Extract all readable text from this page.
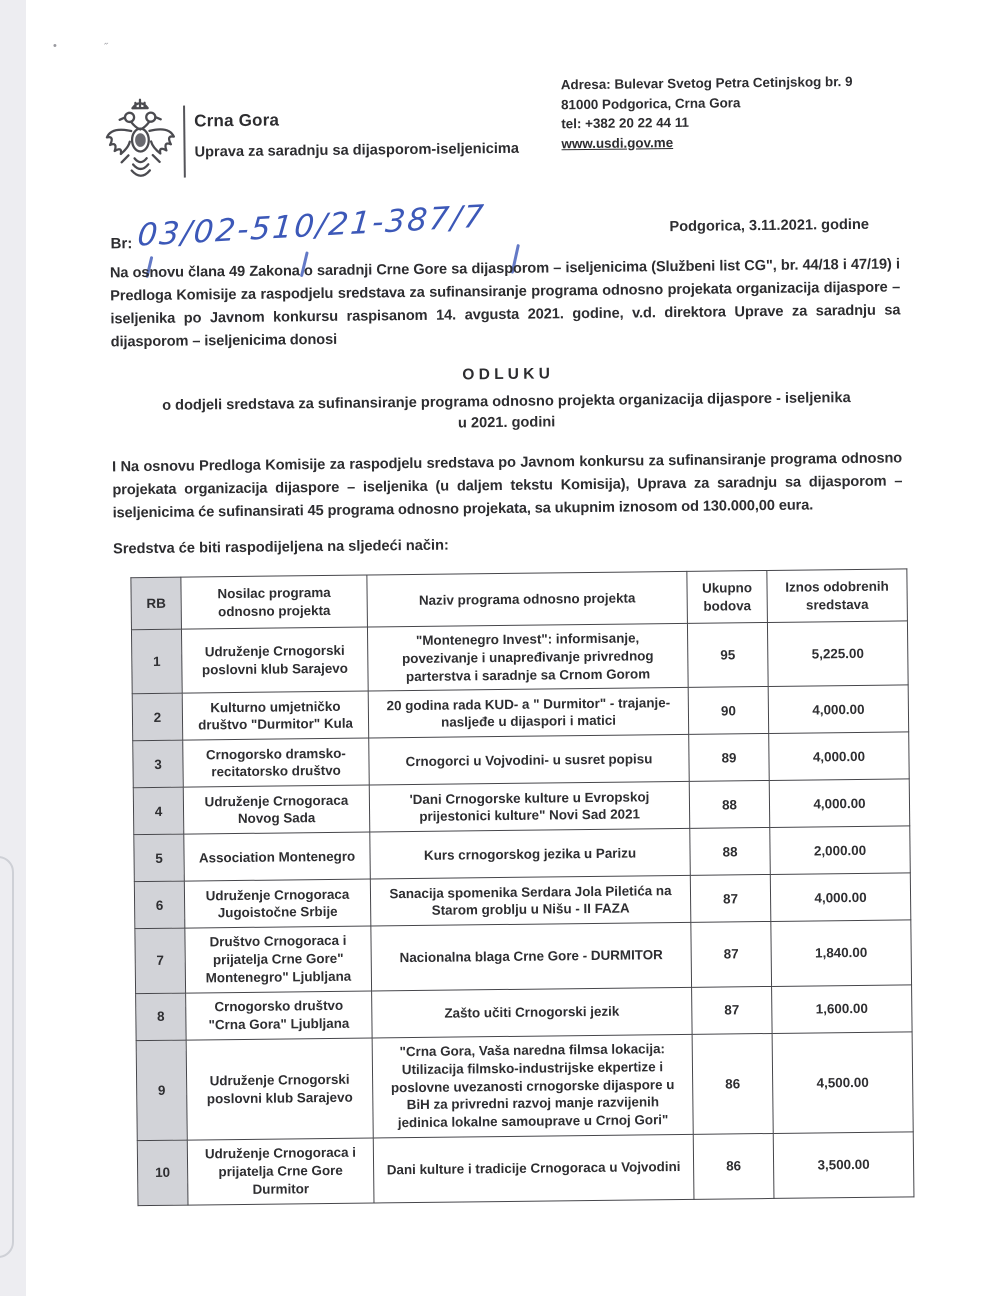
•	˝
Crna Gora
Uprava za saradnju sa dijasporom-iseljenicima
Adresa: Bulevar Svetog Petra Cetinjskog br. 9
81000 Podgorica, Crna Gora
tel: +382 20 22 44 11
www.usdi.gov.me
Br: 03/02-510/21-387/7	Podgorica, 3.11.2021. godine
Na osnovu člana 49 Zakona o saradnji Crne Gore sa dijasporom – iseljenicima (Službeni list CG", br. 44/18 i 47/19) i Predloga Komisije za raspodjelu sredstava za sufinansiranje programa odnosno projekata organizacija dijaspore – iseljenika po Javnom konkursu raspisanom 14. avgusta 2021. godine, v.d. direktora Uprave za saradnju sa dijasporom – iseljenicima donosi
O D L U K U
o dodjeli sredstava za sufinansiranje programa odnosno projekta organizacija dijaspore - iseljenika
u 2021. godini
I Na osnovu Predloga Komisije za raspodjelu sredstava po Javnom konkursu za sufinansiranje programa odnosno projekata organizacija dijaspore – iseljenika (u daljem tekstu Komisija), Uprava za saradnju sa dijasporom – iseljenicima će sufinansirati 45 programa odnosno projekata, sa ukupnim iznosom od 130.000,00 eura.
Sredstva će biti raspodijeljena na sljedeći način:
RB	Nosilac programa odnosno projekta	Naziv programa odnosno projekta	Ukupno bodova	Iznos odobrenih sredstava
1	Udruženje Crnogorski poslovni klub Sarajevo	"Montenegro Invest": informisanje, povezivanje i unapređivanje privrednog parterstva i saradnje sa Crnom Gorom	95	5,225.00
2	Kulturno umjetničko društvo "Durmitor" Kula	20 godina rada KUD- a " Durmitor" - trajanje-nasljeđe u dijaspori i matici	90	4,000.00
3	Crnogorsko dramsko-recitatorsko društvo	Crnogorci u Vojvodini- u susret popisu	89	4,000.00
4	Udruženje Crnogoraca Novog Sada	'Dani Crnogorske kulture u Evropskoj prijestonici kulture" Novi Sad 2021	88	4,000.00
5	Association Montenegro	Kurs crnogorskog jezika u Parizu	88	2,000.00
6	Udruženje Crnogoraca Jugoistočne Srbije	Sanacija spomenika Serdara Jola Piletića na Starom groblju u Nišu - II FAZA	87	4,000.00
7	Društvo Crnogoraca i prijatelja Crne Gore" Montenegro" Ljubljana	Nacionalna blaga Crne Gore - DURMITOR	87	1,840.00
8	Crnogorsko društvo "Crna Gora" Ljubljana	Zašto učiti Crnogorski jezik	87	1,600.00
9	Udruženje Crnogorski poslovni klub Sarajevo	"Crna Gora, Vaša naredna filmsa lokacija: Utilizacija filmsko-industrijske ekpertize i poslovne uvezanosti crnogorske dijaspore u BiH za privredni razvoj manje razvijenih jedinica lokalne samouprave u Crnoj Gori"	86	4,500.00
10	Udruženje Crnogoraca i prijatelja Crne Gore Durmitor	Dani kulture i tradicije Crnogoraca u Vojvodini	86	3,500.00
